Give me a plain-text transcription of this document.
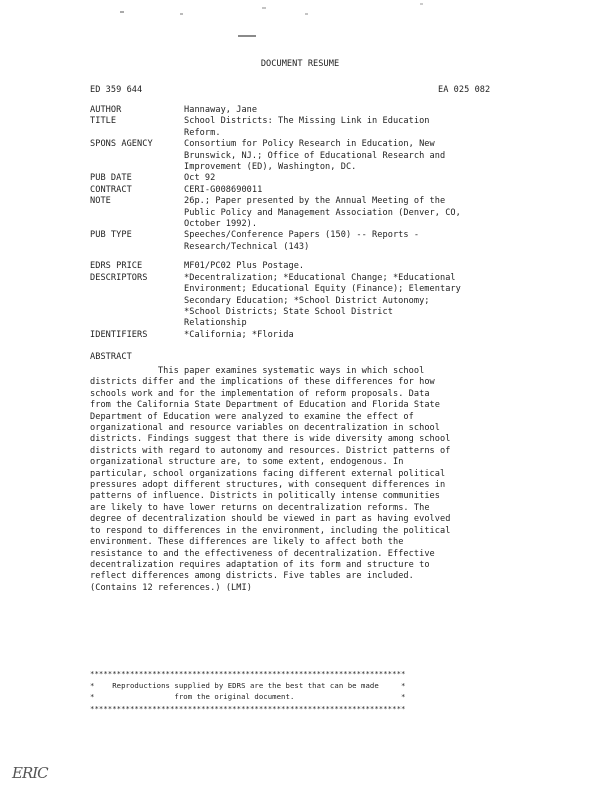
DOCUMENT RESUME
ED 359 644	EA 025 082
AUTHOR	Hannaway, Jane
TITLE	School Districts: The Missing Link in Education
Reform.
SPONS AGENCY	Consortium for Policy Research in Education, New
Brunswick, NJ.; Office of Educational Research and
Improvement (ED), Washington, DC.
PUB DATE	Oct 92
CONTRACT	CERI-G008690011
NOTE	26p.; Paper presented by the Annual Meeting of the
Public Policy and Management Association (Denver, CO,
October 1992).
PUB TYPE	Speeches/Conference Papers (150) -- Reports -
Research/Technical (143)
EDRS PRICE	MF01/PC02 Plus Postage.
DESCRIPTORS	*Decentralization; *Educational Change; *Educational
Environment; Educational Equity (Finance); Elementary
Secondary Education; *School District Autonomy;
*School Districts; State School District
Relationship
IDENTIFIERS	*California; *Florida
ABSTRACT
This paper examines systematic ways in which school
districts differ and the implications of these differences for how
schools work and for the implementation of reform proposals. Data
from the California State Department of Education and Florida State
Department of Education were analyzed to examine the effect of
organizational and resource variables on decentralization in school
districts. Findings suggest that there is wide diversity among school
districts with regard to autonomy and resources. District patterns of
organizational structure are, to some extent, endogenous. In
particular, school organizations facing different external political
pressures adopt different structures, with consequent differences in
patterns of influence. Districts in politically intense communities
are likely to have lower returns on decentralization reforms. The
degree of decentralization should be viewed in part as having evolved
to respond to differences in the environment, including the political
environment. These differences are likely to affect both the
resistance to and the effectiveness of decentralization. Effective
decentralization requires adaptation of its form and structure to
reflect differences among districts. Five tables are included.
(Contains 12 references.) (LMI)
***********************************************************************
*    Reproductions supplied by EDRS are the best that can be made     *
*                  from the original document.                        *
***********************************************************************
ERIC
